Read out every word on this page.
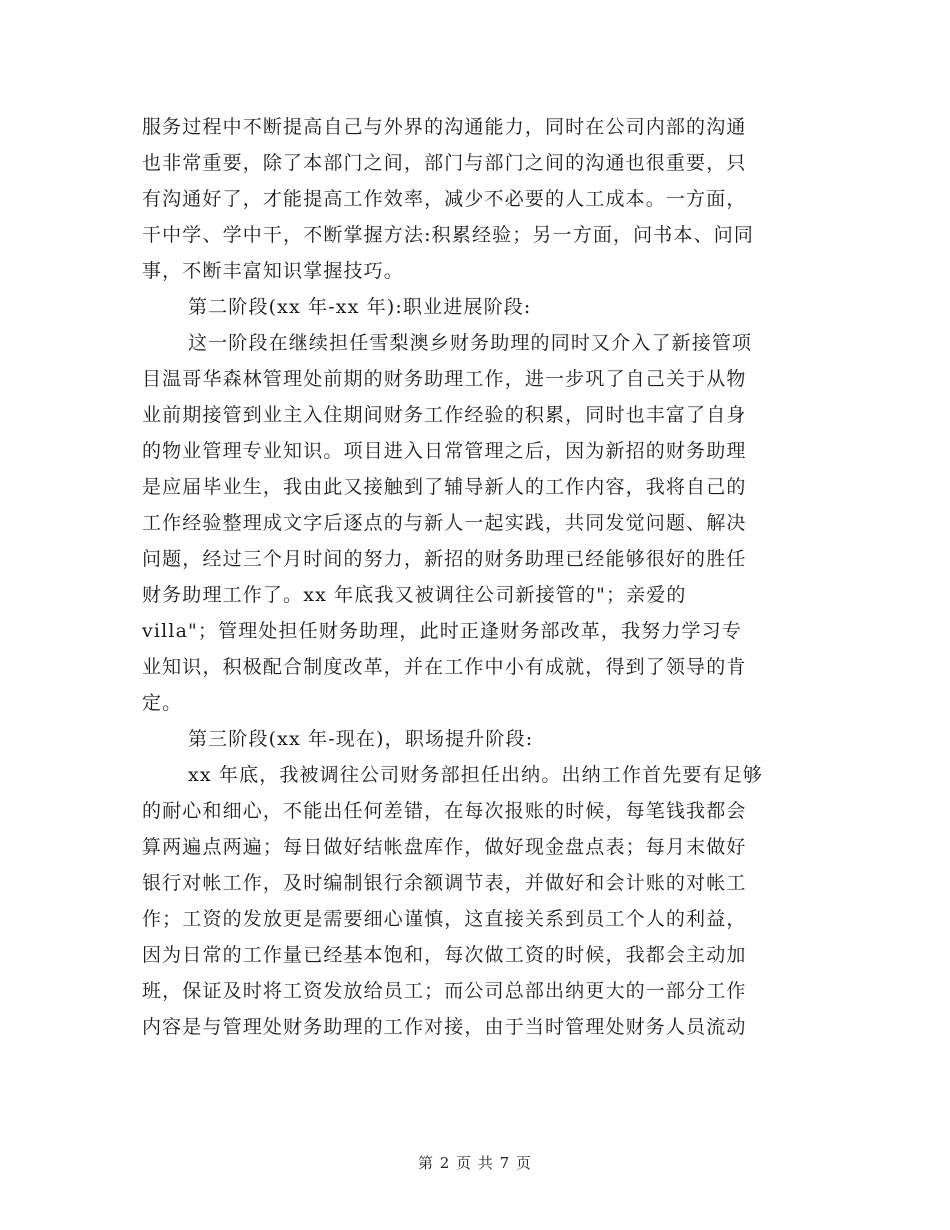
服务过程中不断提高自己与外界的沟通能力，同时在公司内部的沟通
也非常重要，除了本部门之间，部门与部门之间的沟通也很重要，只
有沟通好了，才能提高工作效率，减少不必要的人工成本。一方面，
干中学、学中干，不断掌握方法:积累经验；另一方面，问书本、问同
事，不断丰富知识掌握技巧。
第二阶段(xx 年-xx 年):职业进展阶段:
这一阶段在继续担任雪梨澳乡财务助理的同时又介入了新接管项
目温哥华森林管理处前期的财务助理工作，进一步巩了自己关于从物
业前期接管到业主入住期间财务工作经验的积累，同时也丰富了自身
的物业管理专业知识。项目进入日常管理之后，因为新招的财务助理
是应届毕业生，我由此又接触到了辅导新人的工作内容，我将自己的
工作经验整理成文字后逐点的与新人一起实践，共同发觉问题、解决
问题，经过三个月时间的努力，新招的财务助理已经能够很好的胜任
财务助理工作了。xx 年底我又被调往公司新接管的"；亲爱的
villa"；管理处担任财务助理，此时正逢财务部改革，我努力学习专
业知识，积极配合制度改革，并在工作中小有成就，得到了领导的肯
定。
第三阶段(xx 年-现在)，职场提升阶段:
xx 年底，我被调往公司财务部担任出纳。出纳工作首先要有足够
的耐心和细心，不能出任何差错，在每次报账的时候，每笔钱我都会
算两遍点两遍；每日做好结帐盘库作，做好现金盘点表；每月末做好
银行对帐工作，及时编制银行余额调节表，并做好和会计账的对帐工
作；工资的发放更是需要细心谨慎，这直接关系到员工个人的利益，
因为日常的工作量已经基本饱和，每次做工资的时候，我都会主动加
班，保证及时将工资发放给员工；而公司总部出纳更大的一部分工作
内容是与管理处财务助理的工作对接，由于当时管理处财务人员流动
第 2 页 共 7 页
